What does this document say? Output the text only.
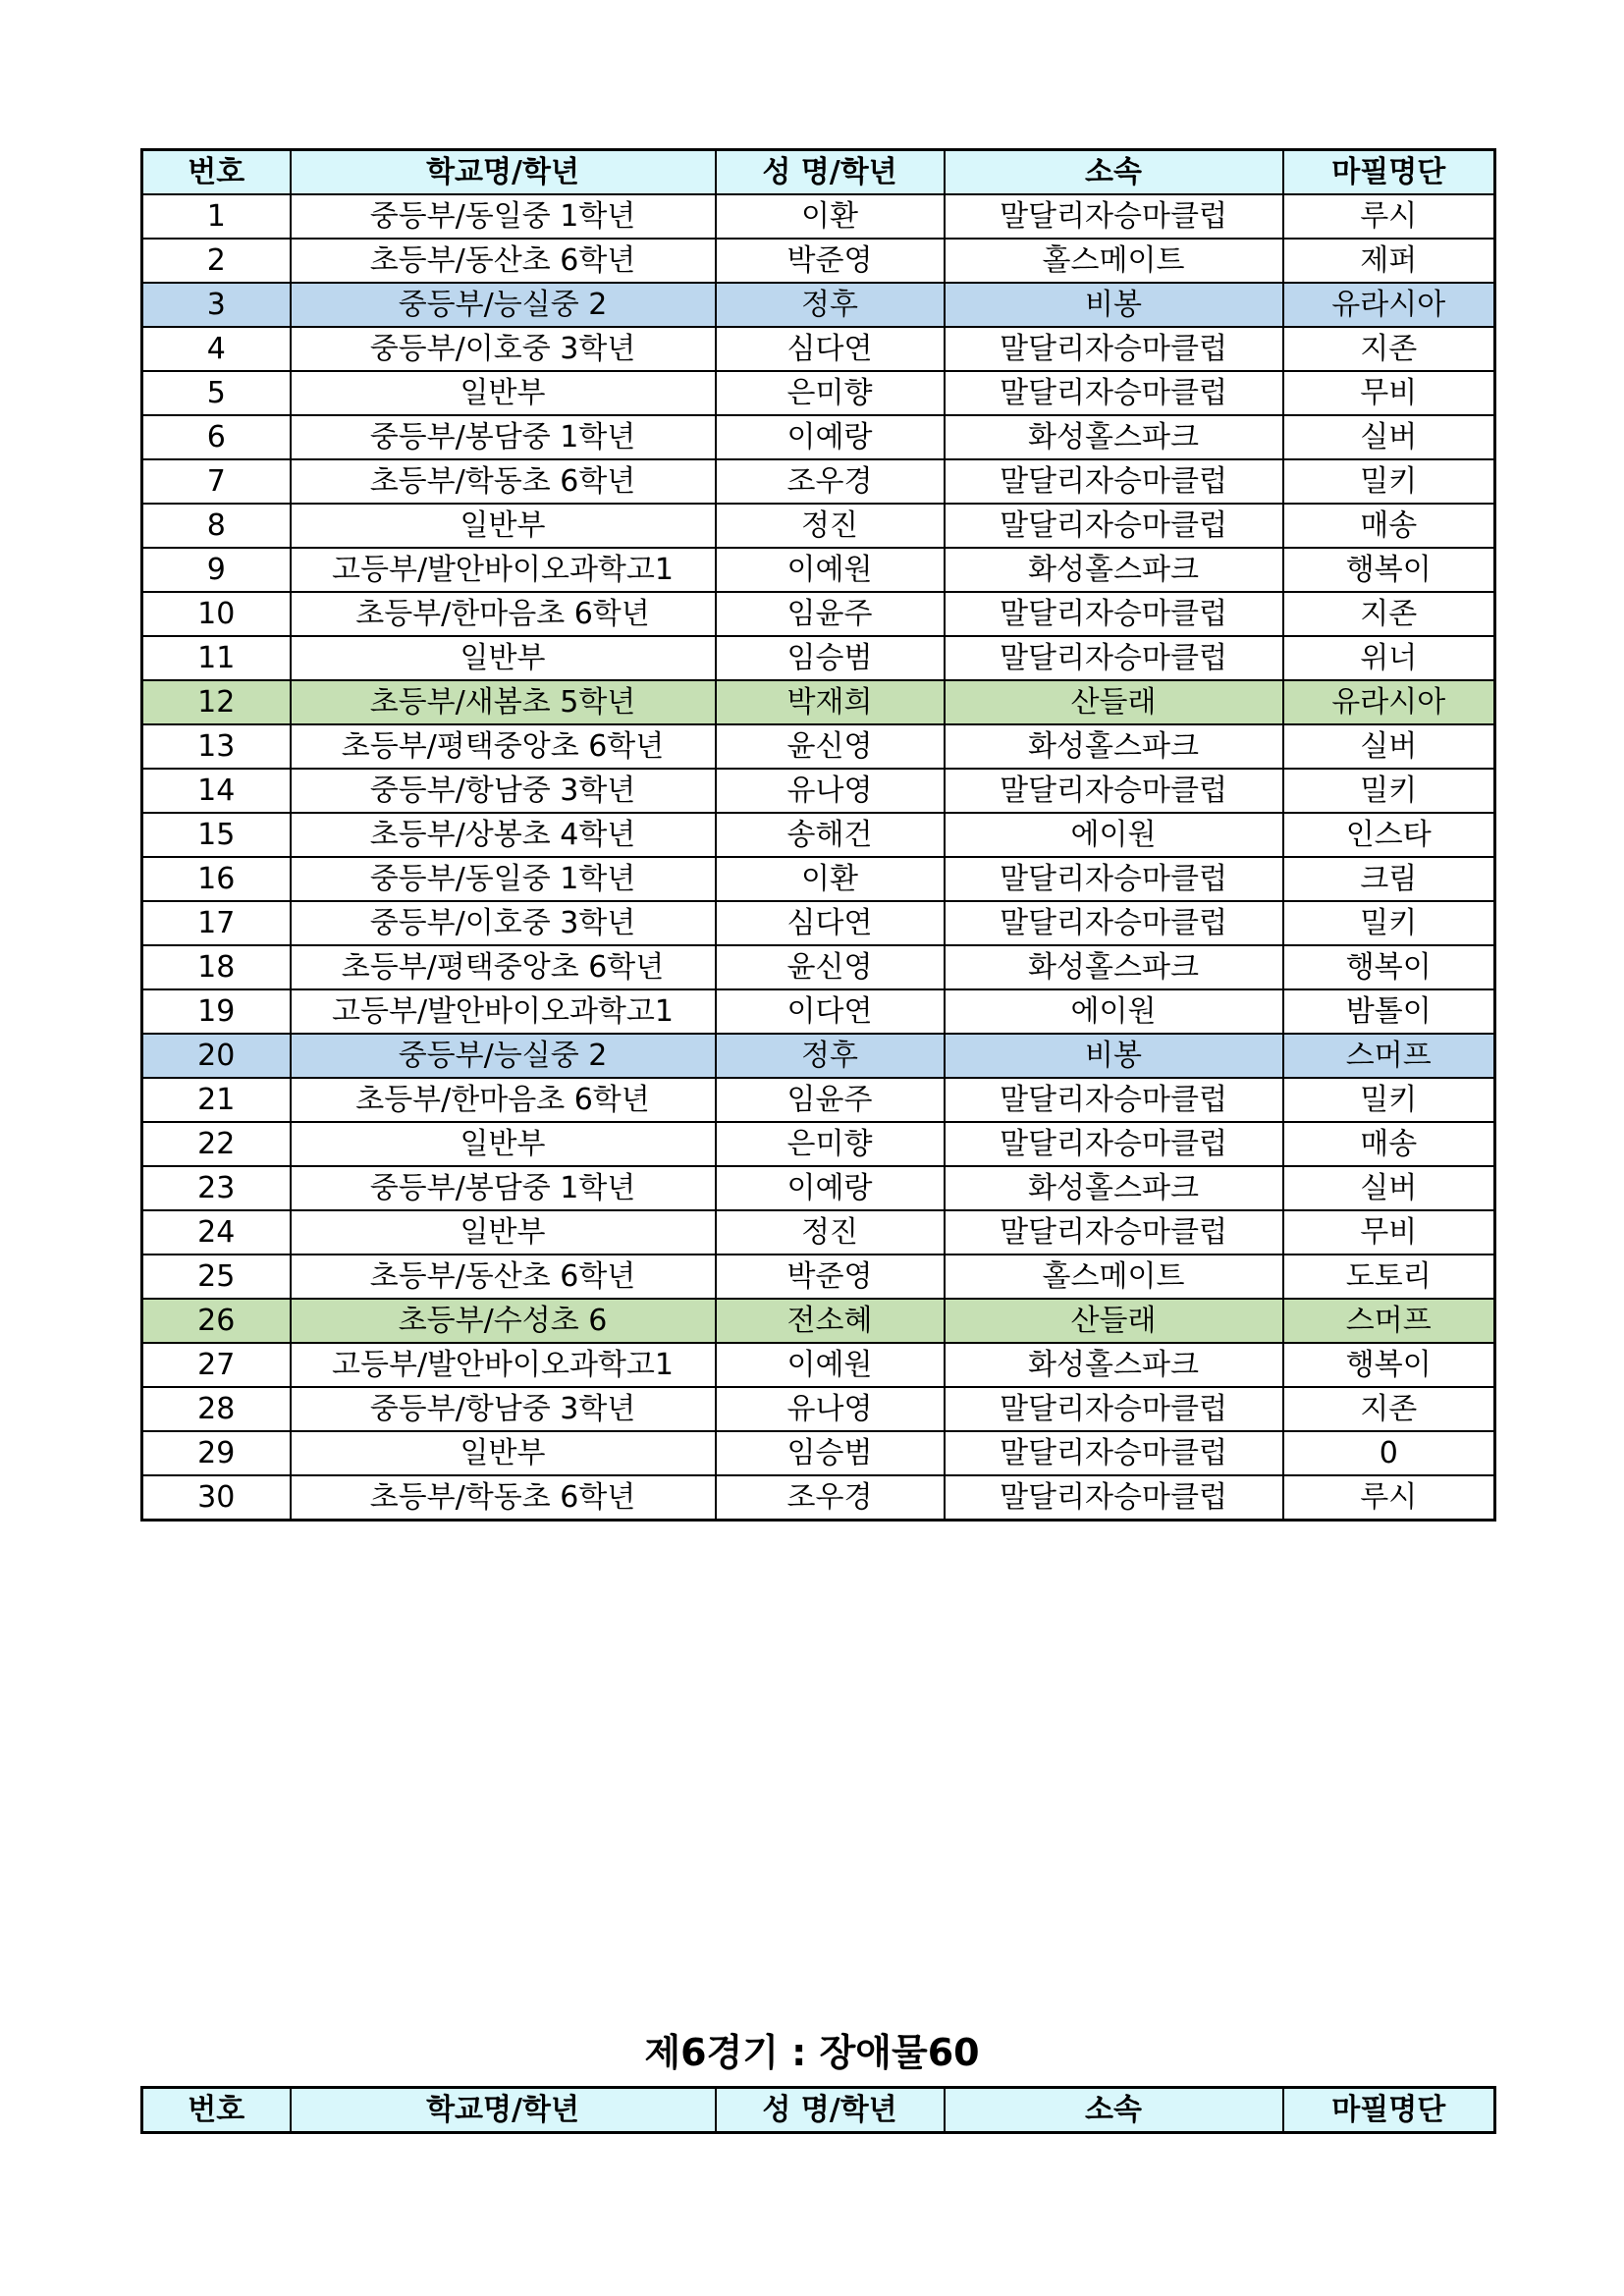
번호	학교명/학년	성 명/학년	소속	마필명단
1	중등부/동일중 1학년	이환	말달리자승마클럽	루시
2	초등부/동산초 6학년	박준영	홀스메이트	제퍼
3	중등부/능실중 2	정후	비봉	유라시아
4	중등부/이호중 3학년	심다연	말달리자승마클럽	지존
5	일반부	은미향	말달리자승마클럽	무비
6	중등부/봉담중 1학년	이예랑	화성홀스파크	실버
7	초등부/학동초 6학년	조우경	말달리자승마클럽	밀키
8	일반부	정진	말달리자승마클럽	매송
9	고등부/발안바이오과학고1	이예원	화성홀스파크	행복이
10	초등부/한마음초 6학년	임윤주	말달리자승마클럽	지존
11	일반부	임승범	말달리자승마클럽	위너
12	초등부/새봄초 5학년	박재희	산들래	유라시아
13	초등부/평택중앙초 6학년	윤신영	화성홀스파크	실버
14	중등부/항남중 3학년	유나영	말달리자승마클럽	밀키
15	초등부/상봉초 4학년	송해건	에이원	인스타
16	중등부/동일중 1학년	이환	말달리자승마클럽	크림
17	중등부/이호중 3학년	심다연	말달리자승마클럽	밀키
18	초등부/평택중앙초 6학년	윤신영	화성홀스파크	행복이
19	고등부/발안바이오과학고1	이다연	에이원	밤톨이
20	중등부/능실중 2	정후	비봉	스머프
21	초등부/한마음초 6학년	임윤주	말달리자승마클럽	밀키
22	일반부	은미향	말달리자승마클럽	매송
23	중등부/봉담중 1학년	이예랑	화성홀스파크	실버
24	일반부	정진	말달리자승마클럽	무비
25	초등부/동산초 6학년	박준영	홀스메이트	도토리
26	초등부/수성초 6	전소혜	산들래	스머프
27	고등부/발안바이오과학고1	이예원	화성홀스파크	행복이
28	중등부/항남중 3학년	유나영	말달리자승마클럽	지존
29	일반부	임승범	말달리자승마클럽	0
30	초등부/학동초 6학년	조우경	말달리자승마클럽	루시
제6경기 : 장애물60
번호	학교명/학년	성 명/학년	소속	마필명단
